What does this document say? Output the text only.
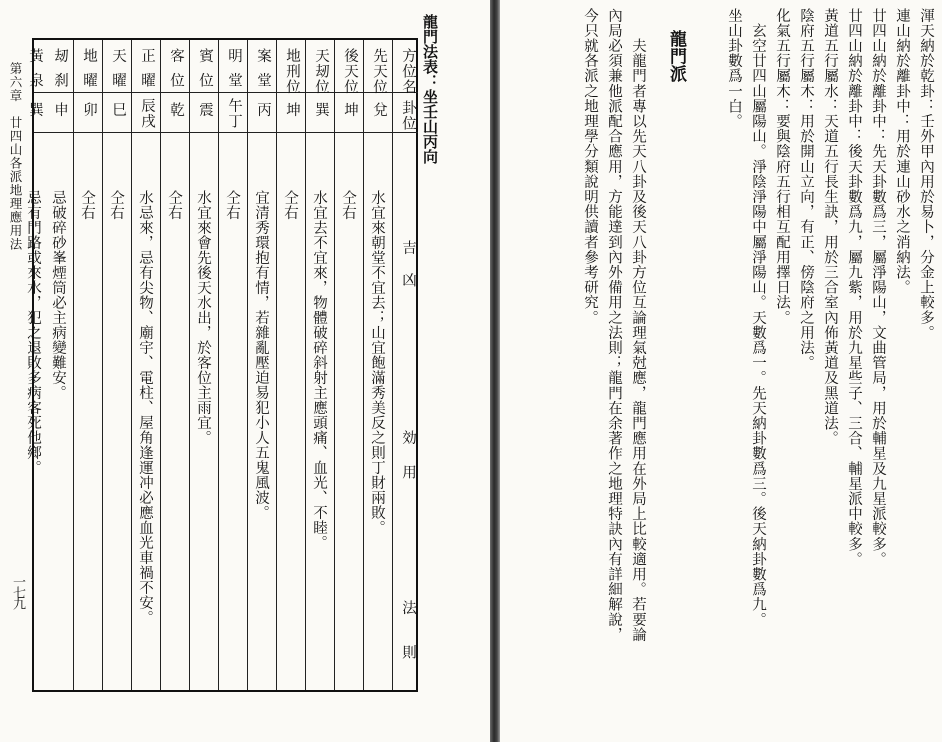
第六章　廿四山各派地理應用法
一七九
龍門法表：坐壬山丙向
方位名
卦位
吉凶
効用
法則
先天位
兌
水宜來朝堂不宜去；山宜飽滿秀美反之則丁財兩敗。
後天位
坤
仝右
天刼位
巽
水宜去不宜來，物體破碎斜射主應頭痛、血光、不睦。
地刑位
坤
仝右
案堂
丙
宜清秀環抱有情，若雜亂壓迫易犯小人五鬼風波。
明堂
午丁
仝右
賓位
震
水宜來會先後天水出，於客位主雨宜。
客位
乾
仝右
正曜
辰戌
水忌來，忌有尖物、廟宇、電柱、屋角逢運冲必應血光車禍不安。
天曜
巳
仝右
地曜
卯
仝右
刼刹
申
忌破碎砂峯煙筒必主病變難安。
黃泉
巽
忌有門路或來水，犯之退敗多病客死他鄉。	渾天納於乾卦：壬外甲內用於易卜，分金上較多。
連山納於離卦中：用於連山砂水之消納法。
廿四山納於離卦中：先天卦數爲三，屬淨陽山，文曲管局，用於輔星及九星派較多。
廿四山納於離卦中：後天卦數爲九，屬九紫，用於九星些子、三合、輔星派中較多。
黃道五行屬水：天道五行長生訣，用於三合室內佈黃道及黑道法。
陰府五行屬木：用於開山立向，有正、傍陰府之用法。
化氣五行屬木：要與陰府五行相互配用擇日法。
　玄空廿四山屬陽山。淨陰淨陽中屬淨陽山。天數爲一。先天納卦數爲三。後天納卦數爲九。
坐山卦數爲一白。
龍門派
　　夫龍門者專以先天八卦及後天八卦方位互論理氣尅應，龍門應用在外局上比較適用。若要論
內局必須兼他派配合應用，方能達到內外備用之法則；龍門在余著作之地理特訣內有詳細解說，
今只就各派之地理學分類說明供讀者參考研究。
